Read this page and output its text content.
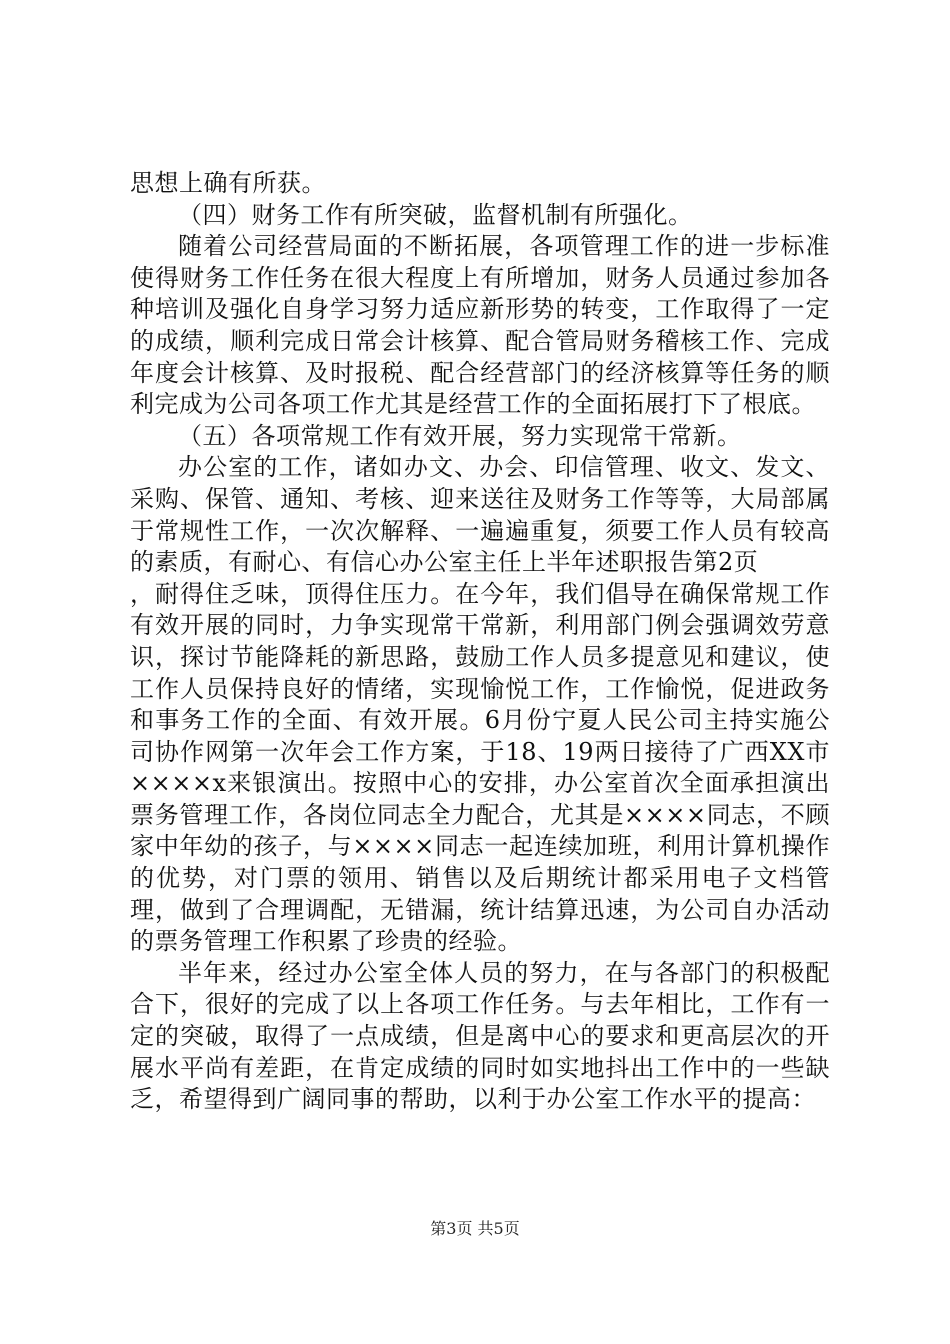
思想上确有所获。

（四）财务工作有所突破，监督机制有所强化。

随着公司经营局面的不断拓展，各项管理工作的进一步标准使得财务工作任务在很大程度上有所增加，财务人员通过参加各种培训及强化自身学习努力适应新形势的转变，工作取得了一定的成绩，顺利完成日常会计核算、配合管局财务稽核工作、完成年度会计核算、及时报税、配合经营部门的经济核算等任务的顺利完成为公司各项工作尤其是经营工作的全面拓展打下了根底。

（五）各项常规工作有效开展，努力实现常干常新。

办公室的工作，诸如办文、办会、印信管理、收文、发文、采购、保管、通知、考核、迎来送往及财务工作等等，大局部属于常规性工作，一次次解释、一遍遍重复，须要工作人员有较高的素质，有耐心、有信心办公室主任上半年述职报告第2页

，耐得住乏味，顶得住压力。在今年，我们倡导在确保常规工作有效开展的同时，力争实现常干常新，利用部门例会强调效劳意识，探讨节能降耗的新思路，鼓励工作人员多提意见和建议，使工作人员保持良好的情绪，实现愉悦工作，工作愉悦，促进政务和事务工作的全面、有效开展。6月份宁夏人民公司主持实施公司协作网第一次年会工作方案，于18、19两日接待了广西XX市××××x来银演出。按照中心的安排，办公室首次全面承担演出票务管理工作，各岗位同志全力配合，尤其是××××同志，不顾家中年幼的孩子，与××××同志一起连续加班，利用计算机操作的优势，对门票的领用、销售以及后期统计都采用电子文档管理，做到了合理调配，无错漏，统计结算迅速，为公司自办活动的票务管理工作积累了珍贵的经验。

半年来，经过办公室全体人员的努力，在与各部门的积极配合下，很好的完成了以上各项工作任务。与去年相比，工作有一定的突破，取得了一点成绩，但是离中心的要求和更高层次的开展水平尚有差距，在肯定成绩的同时如实地抖出工作中的一些缺乏，希望得到广阔同事的帮助，以利于办公室工作水平的提高：

第3页 共5页
